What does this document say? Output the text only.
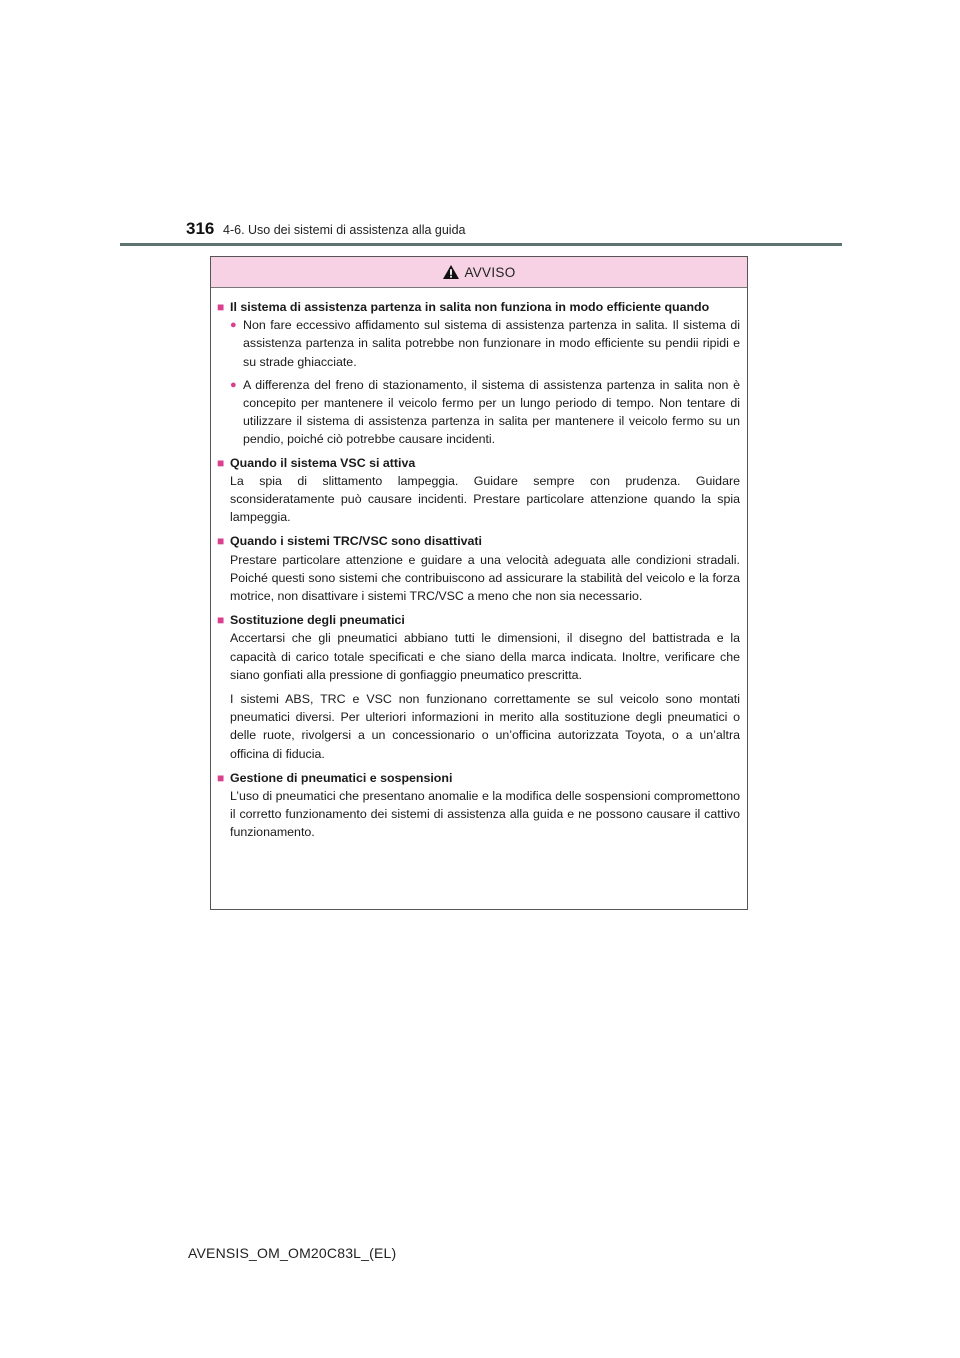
316 4-6. Uso dei sistemi di assistenza alla guida
AVVISO
■ Il sistema di assistenza partenza in salita non funziona in modo efficiente quando
● Non fare eccessivo affidamento sul sistema di assistenza partenza in salita. Il sistema di assistenza partenza in salita potrebbe non funzionare in modo efficiente su pendii ripidi e su strade ghiacciate.
● A differenza del freno di stazionamento, il sistema di assistenza partenza in salita non è concepito per mantenere il veicolo fermo per un lungo periodo di tempo. Non tentare di utilizzare il sistema di assistenza partenza in salita per mantenere il veicolo fermo su un pendio, poiché ciò potrebbe causare incidenti.
■ Quando il sistema VSC si attiva

La spia di slittamento lampeggia. Guidare sempre con prudenza. Guidare sconsideratamente può causare incidenti. Prestare particolare attenzione quando la spia lampeggia.

■ Quando i sistemi TRC/VSC sono disattivati

Prestare particolare attenzione e guidare a una velocità adeguata alle condizioni stradali. Poiché questi sono sistemi che contribuiscono ad assicurare la stabilità del veicolo e la forza motrice, non disattivare i sistemi TRC/VSC a meno che non sia necessario.

■ Sostituzione degli pneumatici

Accertarsi che gli pneumatici abbiano tutti le dimensioni, il disegno del battistrada e la capacità di carico totale specificati e che siano della marca indicata. Inoltre, verificare che siano gonfiati alla pressione di gonfiaggio pneumatico prescritta.

I sistemi ABS, TRC e VSC non funzionano correttamente se sul veicolo sono montati pneumatici diversi. Per ulteriori informazioni in merito alla sostituzione degli pneumatici o delle ruote, rivolgersi a un concessionario o un’officina autorizzata Toyota, o a un’altra officina di fiducia.

■ Gestione di pneumatici e sospensioni

L’uso di pneumatici che presentano anomalie e la modifica delle sospensioni compromettono il corretto funzionamento dei sistemi di assistenza alla guida e ne possono causare il cattivo funzionamento.

AVENSIS_OM_OM20C83L_(EL)
